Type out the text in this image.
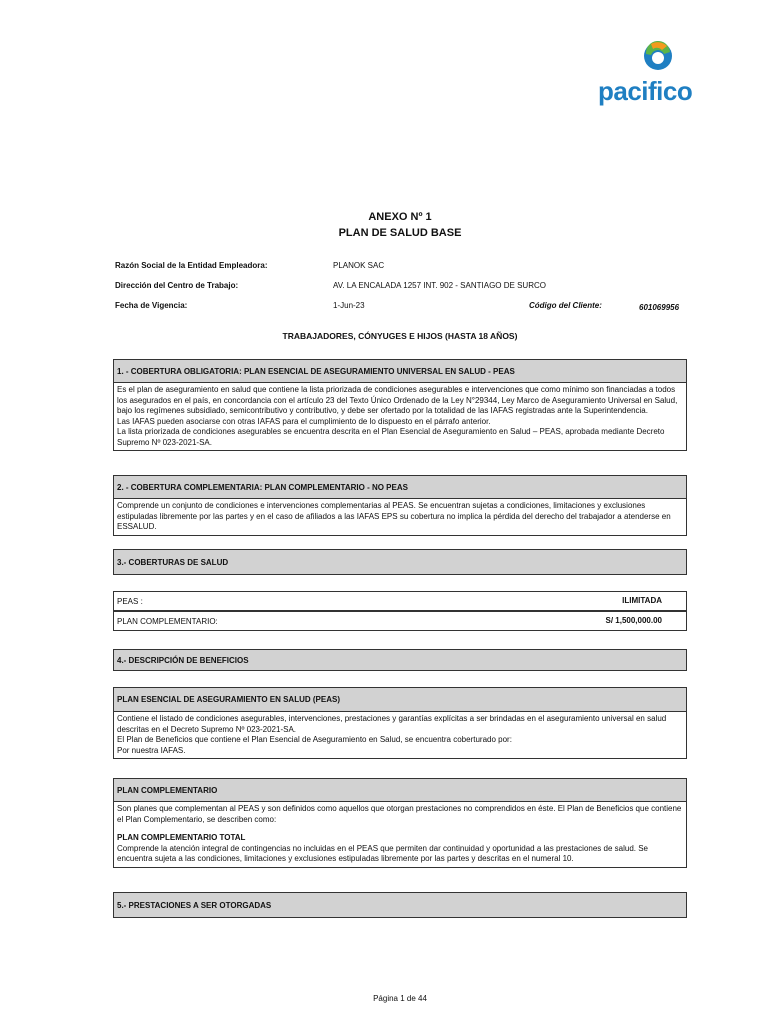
pacifico
ANEXO Nº 1
PLAN DE SALUD BASE
Razón Social de la Entidad Empleadora:	PLANOK SAC
Dirección del Centro de Trabajo:	AV. LA ENCALADA 1257 INT. 902 - SANTIAGO DE SURCO
Fecha de Vigencia:	1-Jun-23	Código del Cliente:	601069956
TRABAJADORES, CÓNYUGES E HIJOS (HASTA 18 AÑOS)
1. - COBERTURA OBLIGATORIA: PLAN ESENCIAL DE ASEGURAMIENTO UNIVERSAL EN SALUD - PEAS

Es el plan de aseguramiento en salud que contiene la lista priorizada de condiciones asegurables e intervenciones que como mínimo son financiadas a todos los asegurados en el país, en concordancia con el artículo 23 del Texto Único Ordenado de la Ley N°29344, Ley Marco de Aseguramiento Universal en Salud, bajo los regímenes subsidiado, semicontributivo y contributivo, y debe ser ofertado por la totalidad de las IAFAS registradas ante la Superintendencia.

Las IAFAS pueden asociarse con otras IAFAS para el cumplimiento de lo dispuesto en el párrafo anterior.

La lista priorizada de condiciones asegurables se encuentra descrita en el Plan Esencial de Aseguramiento en Salud – PEAS, aprobada mediante Decreto Supremo Nº 023-2021-SA.

2. - COBERTURA COMPLEMENTARIA: PLAN COMPLEMENTARIO - NO PEAS

Comprende un conjunto de condiciones e intervenciones complementarias al PEAS. Se encuentran sujetas a condiciones, limitaciones y exclusiones estipuladas libremente por las partes y en el caso de afiliados a las IAFAS EPS su cobertura no implica la pérdida del derecho del trabajador a atenderse en ESSALUD.

3.- COBERTURAS DE SALUD
PEAS :	ILIMITADA
PLAN COMPLEMENTARIO:	S/ 1,500,000.00
4.- DESCRIPCIÓN DE BENEFICIOS
PLAN ESENCIAL DE ASEGURAMIENTO EN SALUD (PEAS)

Contiene el listado de condiciones asegurables, intervenciones, prestaciones y garantías explícitas a ser brindadas en el aseguramiento universal en salud descritas en el Decreto Supremo Nº 023-2021-SA.

El Plan de Beneficios que contiene el Plan Esencial de Aseguramiento en Salud, se encuentra coberturado por:

Por nuestra IAFAS.

PLAN COMPLEMENTARIO

Son planes que complementan al PEAS y son definidos como aquellos que otorgan prestaciones no comprendidos en éste. El Plan de Beneficios que contiene el Plan Complementario, se describen como:

PLAN COMPLEMENTARIO TOTAL

Comprende la atención integral de contingencias no incluidas en el PEAS que permiten dar continuidad y oportunidad a las prestaciones de salud. Se encuentra sujeta a las condiciones, limitaciones y exclusiones estipuladas libremente por las partes y descritas en el numeral 10.

5.- PRESTACIONES A SER OTORGADAS
Página 1 de 44
